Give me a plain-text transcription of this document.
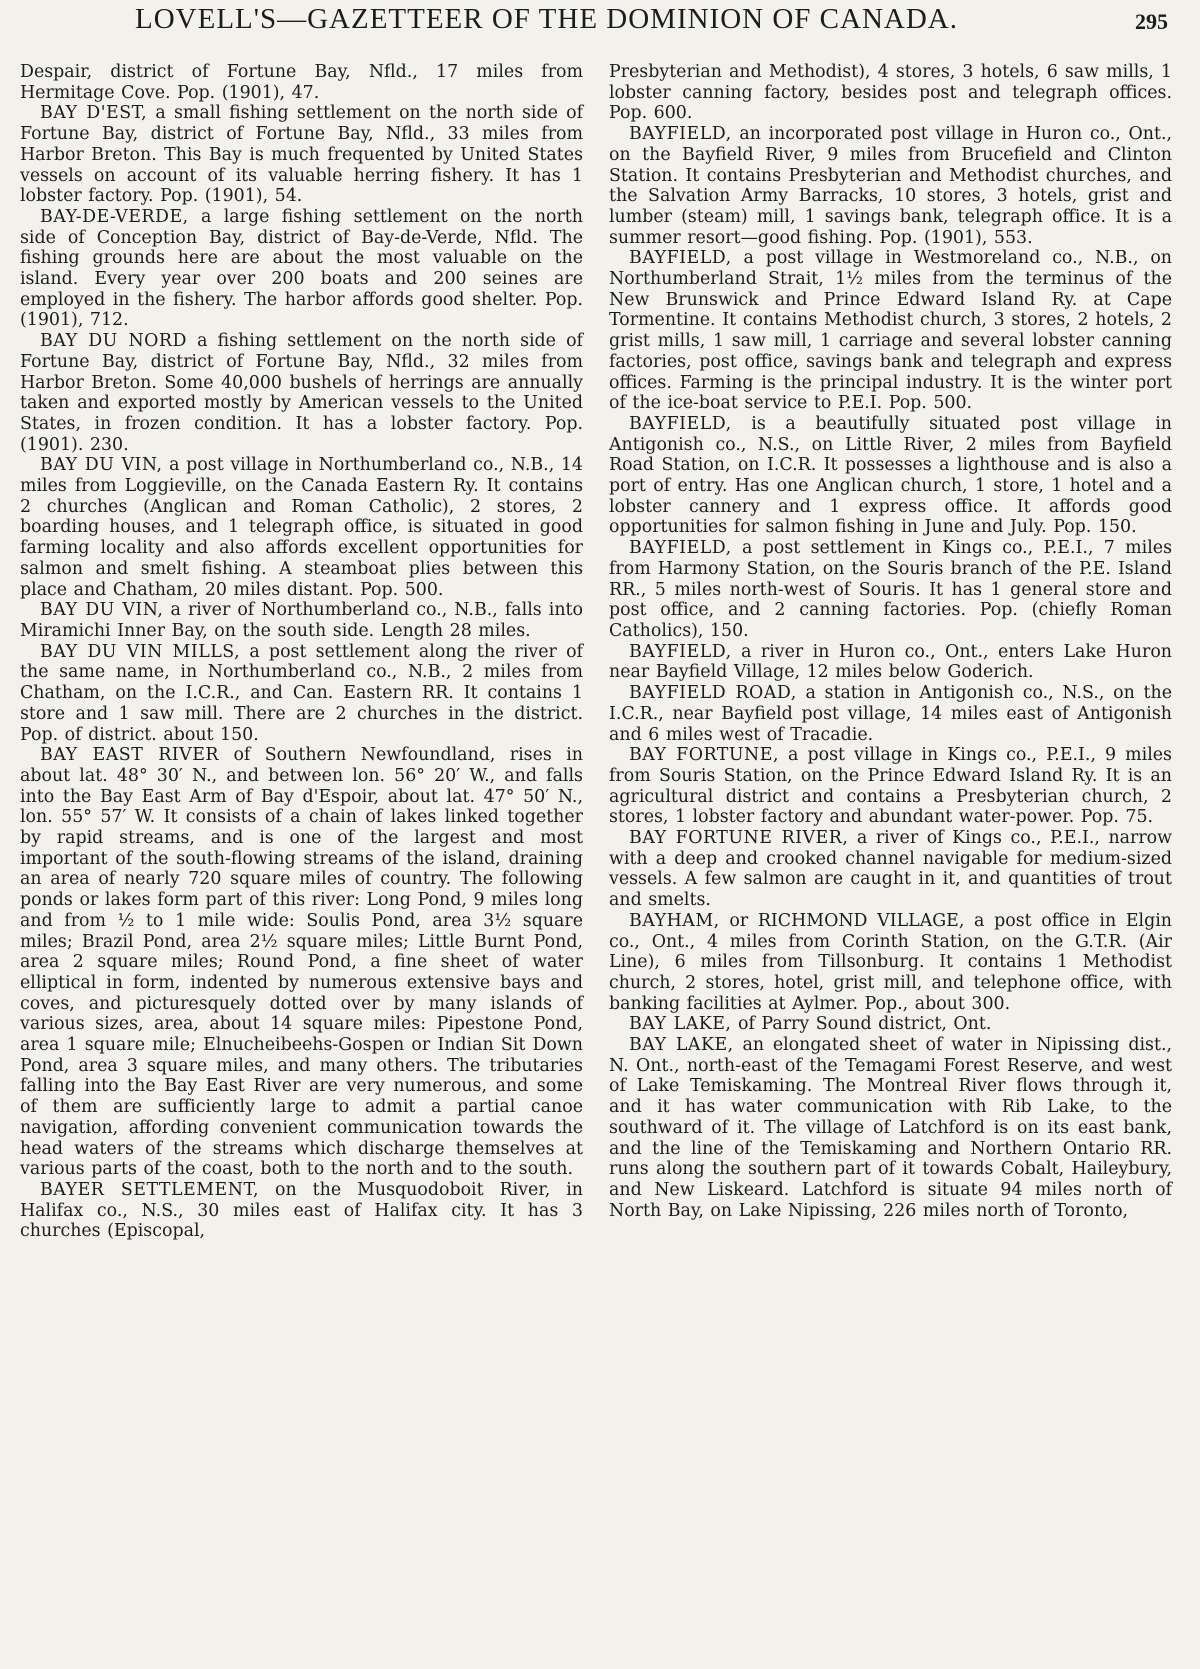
LOVELL'S—GAZETTEER OF THE DOMINION OF CANADA.	295

Despair, district of Fortune Bay, Nfld., 17 miles from Hermitage Cove. Pop. (1901), 47.

BAY D'EST, a small fishing settlement on the north side of Fortune Bay, district of Fortune Bay, Nfld., 33 miles from Harbor Breton. This Bay is much frequented by United States vessels on account of its valuable herring fishery. It has 1 lobster factory. Pop. (1901), 54.

BAY-DE-VERDE, a large fishing settlement on the north side of Conception Bay, district of Bay-de-Verde, Nfld. The fishing grounds here are about the most valuable on the island. Every year over 200 boats and 200 seines are employed in the fishery. The harbor affords good shelter. Pop. (1901), 712.

BAY DU NORD a fishing settlement on the north side of Fortune Bay, district of Fortune Bay, Nfld., 32 miles from Harbor Breton. Some 40,000 bushels of herrings are annually taken and exported mostly by American vessels to the United States, in frozen condition. It has a lobster factory. Pop. (1901). 230.

BAY DU VIN, a post village in Northumberland co., N.B., 14 miles from Loggieville, on the Canada Eastern Ry. It contains 2 churches (Anglican and Roman Catholic), 2 stores, 2 boarding houses, and 1 telegraph office, is situated in good farming locality and also affords excellent opportunities for salmon and smelt fishing. A steamboat plies between this place and Chatham, 20 miles distant. Pop. 500.

BAY DU VIN, a river of Northumberland co., N.B., falls into Miramichi Inner Bay, on the south side. Length 28 miles.

BAY DU VIN MILLS, a post settlement along the river of the same name, in Northumberland co., N.B., 2 miles from Chatham, on the I.C.R., and Can. Eastern RR. It contains 1 store and 1 saw mill. There are 2 churches in the district. Pop. of district. about 150.

BAY EAST RIVER of Southern Newfoundland, rises in about lat. 48° 30′ N., and between lon. 56° 20′ W., and falls into the Bay East Arm of Bay d'Espoir, about lat. 47° 50′ N., lon. 55° 57′ W. It consists of a chain of lakes linked together by rapid streams, and is one of the largest and most important of the south-flowing streams of the island, draining an area of nearly 720 square miles of country. The following ponds or lakes form part of this river: Long Pond, 9 miles long and from ½ to 1 mile wide: Soulis Pond, area 3½ square miles; Brazil Pond, area 2½ square miles; Little Burnt Pond, area 2 square miles; Round Pond, a fine sheet of water elliptical in form, indented by numerous extensive bays and coves, and picturesquely dotted over by many islands of various sizes, area, about 14 square miles: Pipestone Pond, area 1 square mile; Elnucheibeehs-Gospen or Indian Sit Down Pond, area 3 square miles, and many others. The tributaries falling into the Bay East River are very numerous, and some of them are sufficiently large to admit a partial canoe navigation, affording convenient communication towards the head waters of the streams which discharge themselves at various parts of the coast, both to the north and to the south.

BAYER SETTLEMENT, on the Musquodoboit River, in Halifax co., N.S., 30 miles east of Halifax city. It has 3 churches (Episcopal,

Presbyterian and Methodist), 4 stores, 3 hotels, 6 saw mills, 1 lobster canning factory, besides post and telegraph offices. Pop. 600.

BAYFIELD, an incorporated post village in Huron co., Ont., on the Bayfield River, 9 miles from Brucefield and Clinton Station. It contains Presbyterian and Methodist churches, and the Salvation Army Barracks, 10 stores, 3 hotels, grist and lumber (steam) mill, 1 savings bank, telegraph office. It is a summer resort—good fishing. Pop. (1901), 553.

BAYFIELD, a post village in Westmoreland co., N.B., on Northumberland Strait, 1½ miles from the terminus of the New Brunswick and Prince Edward Island Ry. at Cape Tormentine. It contains Methodist church, 3 stores, 2 hotels, 2 grist mills, 1 saw mill, 1 carriage and several lobster canning factories, post office, savings bank and telegraph and express offices. Farming is the principal industry. It is the winter port of the ice-boat service to P.E.I. Pop. 500.

BAYFIELD, is a beautifully situated post village in Antigonish co., N.S., on Little River, 2 miles from Bayfield Road Station, on I.C.R. It possesses a lighthouse and is also a port of entry. Has one Anglican church, 1 store, 1 hotel and a lobster cannery and 1 express office. It affords good opportunities for salmon fishing in June and July. Pop. 150.

BAYFIELD, a post settlement in Kings co., P.E.I., 7 miles from Harmony Station, on the Souris branch of the P.E. Island RR., 5 miles north-west of Souris. It has 1 general store and post office, and 2 canning factories. Pop. (chiefly Roman Catholics), 150.

BAYFIELD, a river in Huron co., Ont., enters Lake Huron near Bayfield Village, 12 miles below Goderich.

BAYFIELD ROAD, a station in Antigonish co., N.S., on the I.C.R., near Bayfield post village, 14 miles east of Antigonish and 6 miles west of Tracadie.

BAY FORTUNE, a post village in Kings co., P.E.I., 9 miles from Souris Station, on the Prince Edward Island Ry. It is an agricultural district and contains a Presbyterian church, 2 stores, 1 lobster factory and abundant water-power. Pop. 75.

BAY FORTUNE RIVER, a river of Kings co., P.E.I., narrow with a deep and crooked channel navigable for medium-sized vessels. A few salmon are caught in it, and quantities of trout and smelts.

BAYHAM, or RICHMOND VILLAGE, a post office in Elgin co., Ont., 4 miles from Corinth Station, on the G.T.R. (Air Line), 6 miles from Tillsonburg. It contains 1 Methodist church, 2 stores, hotel, grist mill, and telephone office, with banking facilities at Aylmer. Pop., about 300.

BAY LAKE, of Parry Sound district, Ont.

BAY LAKE, an elongated sheet of water in Nipissing dist., N. Ont., north-east of the Temagami Forest Reserve, and west of Lake Temiskaming. The Montreal River flows through it, and it has water communication with Rib Lake, to the southward of it. The village of Latchford is on its east bank, and the line of the Temiskaming and Northern Ontario RR. runs along the southern part of it towards Cobalt, Haileybury, and New Liskeard. Latchford is situate 94 miles north of North Bay, on Lake Nipissing, 226 miles north of Toronto,
